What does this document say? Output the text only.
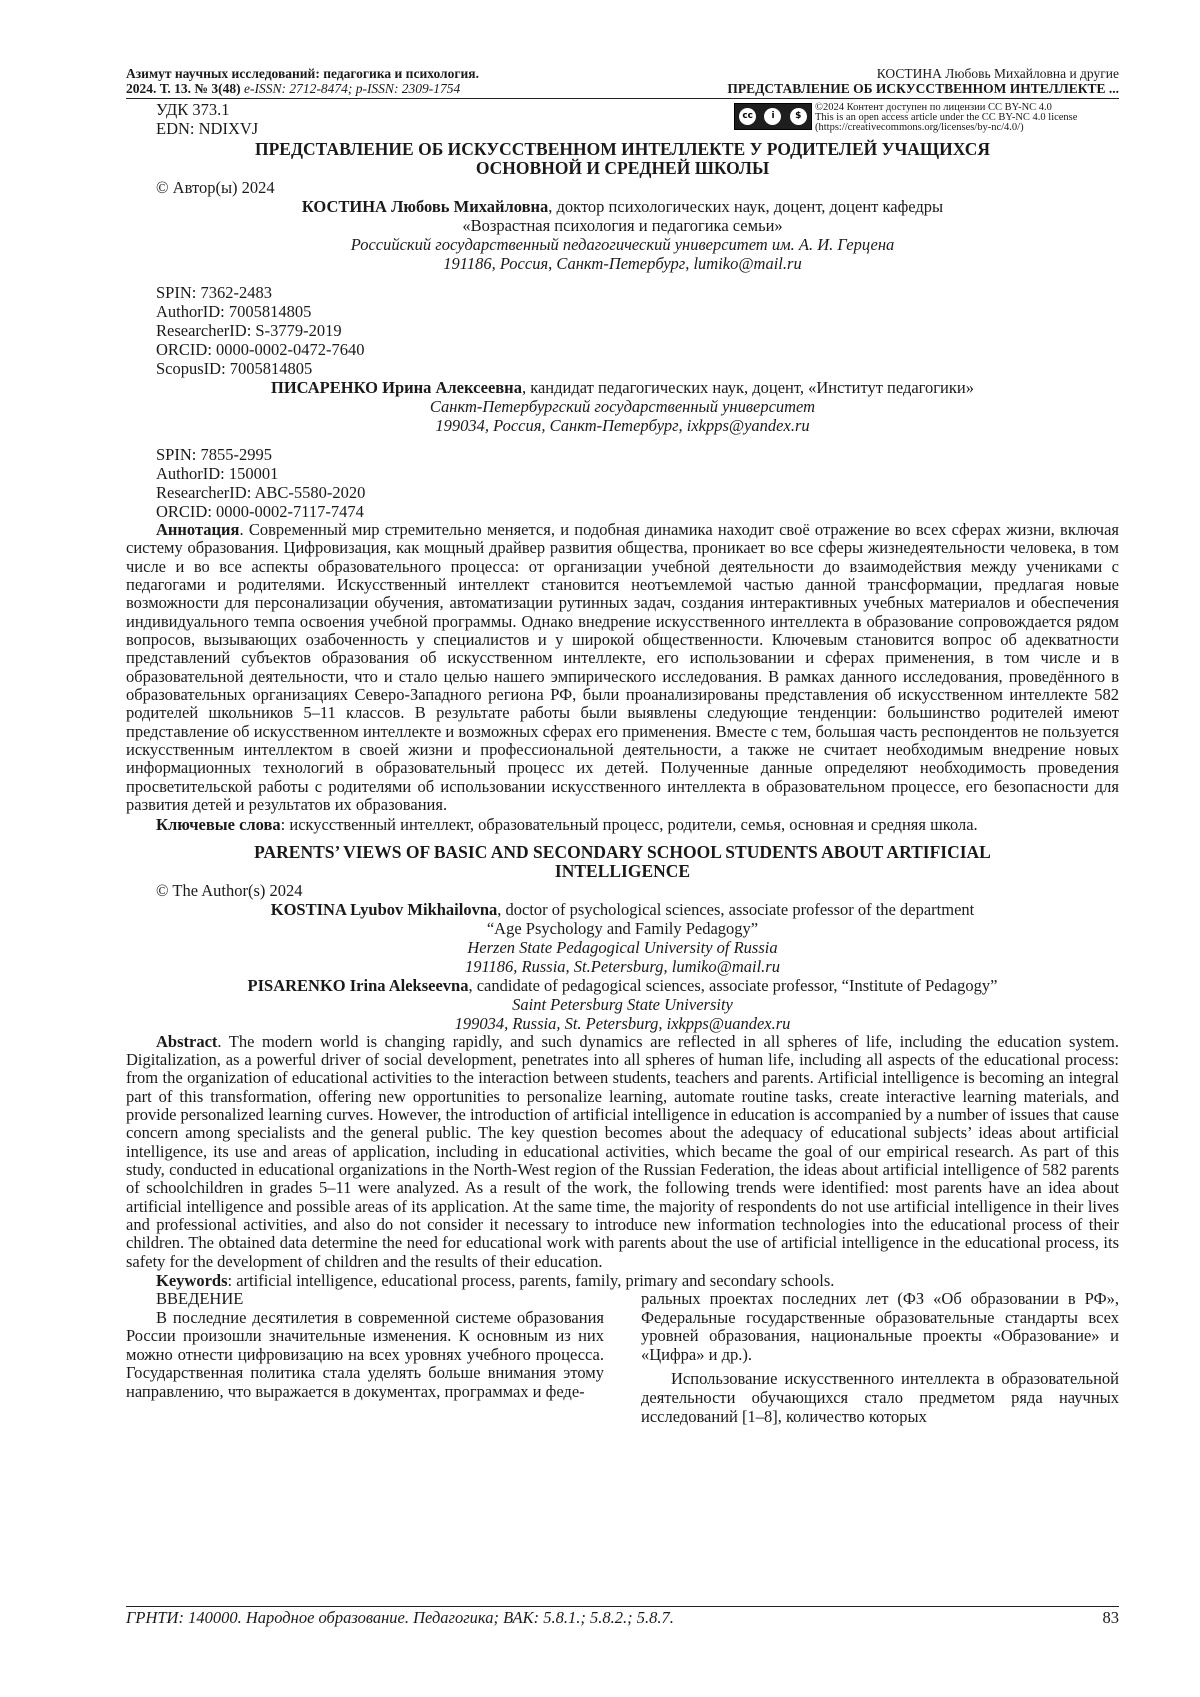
Азимут научных исследований: педагогика и психология.
2024. Т. 13. № 3(48) e-ISSN: 2712-8474; p-ISSN: 2309-1754
КОСТИНА Любовь Михайловна и другие
ПРЕДСТАВЛЕНИЕ ОБ ИСКУССТВЕННОМ ИНТЕЛЛЕКТЕ ...
УДК 373.1
EDN: NDIXVJ
cc	i	$
©2024 Контент доступен по лицензии CC BY-NC 4.0
This is an open access article under the CC BY-NC 4.0 license
(https://creativecommons.org/licenses/by-nc/4.0/)
ПРЕДСТАВЛЕНИЕ ОБ ИСКУССТВЕННОМ ИНТЕЛЛЕКТЕ У РОДИТЕЛЕЙ УЧАЩИХСЯ
ОСНОВНОЙ И СРЕДНЕЙ ШКОЛЫ
© Автор(ы) 2024
КОСТИНА Любовь Михайловна, доктор психологических наук, доцент, доцент кафедры
«Возрастная психология и педагогика семьи»
Российский государственный педагогический университет им. А. И. Герцена
191186, Россия, Санкт-Петербург, lumiko@mail.ru
SPIN: 7362-2483
AuthorID: 7005814805
ResearcherID: S-3779-2019
ORCID: 0000-0002-0472-7640
ScopusID: 7005814805
ПИСАРЕНКО Ирина Алексеевна, кандидат педагогических наук, доцент, «Институт педагогики»
Санкт-Петербургский государственный университет
199034, Россия, Санкт-Петербург, ixkpps@yandex.ru
SPIN: 7855-2995
AuthorID: 150001
ResearcherID: ABC-5580-2020
ORCID: 0000-0002-7117-7474

Аннотация. Современный мир стремительно меняется, и подобная динамика находит своё отражение во всех сферах жизни, включая систему образования. Цифровизация, как мощный драйвер развития общества, проникает во все сферы жизнедеятельности человека, в том числе и во все аспекты образовательного процесса: от организации учебной деятельности до взаимодействия между учениками с педагогами и родителями. Искусственный интеллект становится неотъемлемой частью данной трансформации, предлагая новые возможности для персонализации обучения, автоматизации рутинных задач, создания интерактивных учебных материалов и обеспечения индивидуального темпа освоения учебной программы. Однако внедрение искусственного интеллекта в образование сопровождается рядом вопросов, вызывающих озабоченность у специалистов и у широкой общественности. Ключевым становится вопрос об адекватности представлений субъектов образования об искусственном интеллекте, его использовании и сферах применения, в том числе и в образовательной деятельности, что и стало целью нашего эмпирического исследования. В рамках данного исследования, проведённого в образовательных организациях Северо-Западного региона РФ, были проанализированы представления об искусственном интеллекте 582 родителей школьников 5–11 классов. В результате работы были выявлены следующие тенденции: большинство родителей имеют представление об искусственном интеллекте и возможных сферах его применения. Вместе с тем, большая часть респондентов не пользуется искусственным интеллектом в своей жизни и профессиональной деятельности, а также не считает необходимым внедрение новых информационных технологий в образовательный процесс их детей. Полученные данные определяют необходимость проведения просветительской работы с родителями об использовании искусственного интеллекта в образовательном процессе, его безопасности для развития детей и результатов их образования.

Ключевые слова: искусственный интеллект, образовательный процесс, родители, семья, основная и средняя школа.

PARENTS’ VIEWS OF BASIC AND SECONDARY SCHOOL STUDENTS ABOUT ARTIFICIAL
INTELLIGENCE
© The Author(s) 2024
KOSTINA Lyubov Mikhailovna, doctor of psychological sciences, associate professor of the department
“Age Psychology and Family Pedagogy”
Herzen State Pedagogical University of Russia
191186, Russia, St.Petersburg, lumiko@mail.ru
PISARENKO Irina Alekseevna, candidate of pedagogical sciences, associate professor, “Institute of Pedagogy”
Saint Petersburg State University
199034, Russia, St. Petersburg, ixkpps@uandex.ru

Abstract. The modern world is changing rapidly, and such dynamics are reflected in all spheres of life, including the education system. Digitalization, as a powerful driver of social development, penetrates into all spheres of human life, including all aspects of the educational process: from the organization of educational activities to the interaction between students, teachers and parents. Artificial intelligence is becoming an integral part of this transformation, offering new opportunities to personalize learning, automate routine tasks, create interactive learning materials, and provide personalized learning curves. However, the introduction of artificial intelligence in education is accompanied by a number of issues that cause concern among specialists and the general public. The key question becomes about the adequacy of educational subjects’ ideas about artificial intelligence, its use and areas of application, including in educational activities, which became the goal of our empirical research. As part of this study, conducted in educational organizations in the North-West region of the Russian Federation, the ideas about artificial intelligence of 582 parents of schoolchildren in grades 5–11 were analyzed. As a result of the work, the following trends were identified: most parents have an idea about artificial intelligence and possible areas of its application. At the same time, the majority of respondents do not use artificial intelligence in their lives and professional activities, and also do not consider it necessary to introduce new information technologies into the educational process of their children. The obtained data determine the need for educational work with parents about the use of artificial intelligence in the educational process, its safety for the development of children and the results of their education.

Keywords: artificial intelligence, educational process, parents, family, primary and secondary schools.

ВВЕДЕНИЕ

В последние десятилетия в современной системе образования России произошли значительные изменения. К основным из них можно отнести цифровизацию на всех уровнях учебного процесса. Государственная политика стала уделять больше внимания этому направлению, что выражается в документах, программах и феде-

ральных проектах последних лет (ФЗ «Об образовании в РФ», Федеральные государственные образовательные стандарты всех уровней образования, национальные проекты «Образование» и «Цифра» и др.).

Использование искусственного интеллекта в образовательной деятельности обучающихся стало предметом ряда научных исследований [1–8], количество которых

ГРНТИ: 140000. Народное образование. Педагогика; ВАК: 5.8.1.; 5.8.2.; 5.8.7.	83
